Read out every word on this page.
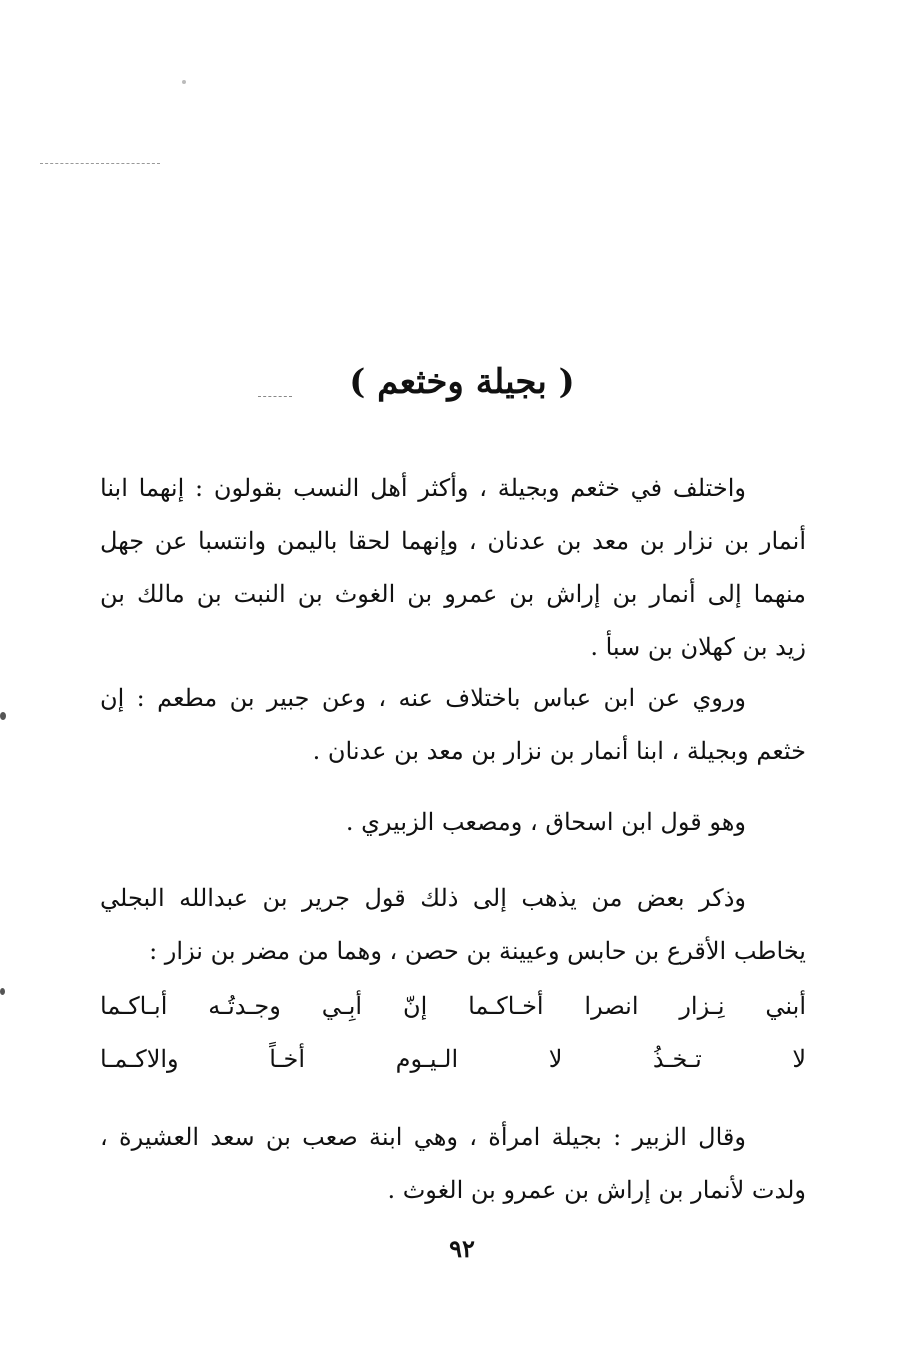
( بجيلة وخثعم )
واختلف في خثعم وبجيلة ، وأكثر أهل النسب بقولون : إنهما ابنا
أنمار بن نزار بن معد بن عدنان ، وإنهما لحقا باليمن وانتسبا عن جهل
منهما إلى أنمار بن إراش بن عمرو بن الغوث بن النبت بن مالك بن
زيد بن كهلان بن سبأ .
وروي عن ابن عباس باختلاف عنه ، وعن جبير بن مطعم : إن
خثعم وبجيلة ، ابنا أنمار بن نزار بن معد بن عدنان .
وهو قول ابن اسحاق ، ومصعب الزبيري .
وذكر بعض من يذهب إلى ذلك قول جرير بن عبدالله البجلي
يخاطب الأقرع بن حابس وعيينة بن حصن ، وهما من مضر بن نزار :
أبني
نِـزار
انصرا
أخـاكـما
إنّ
أبِـي
وجـدتُـه
أبـاكـما
لا
تـخـذُ
لا
الـيـوم
أخـاً
والاكـمـا
وقال الزبير : بجيلة امرأة ، وهي ابنة صعب بن سعد العشيرة ،
ولدت لأنمار بن إراش بن عمرو بن الغوث .
٩٢
